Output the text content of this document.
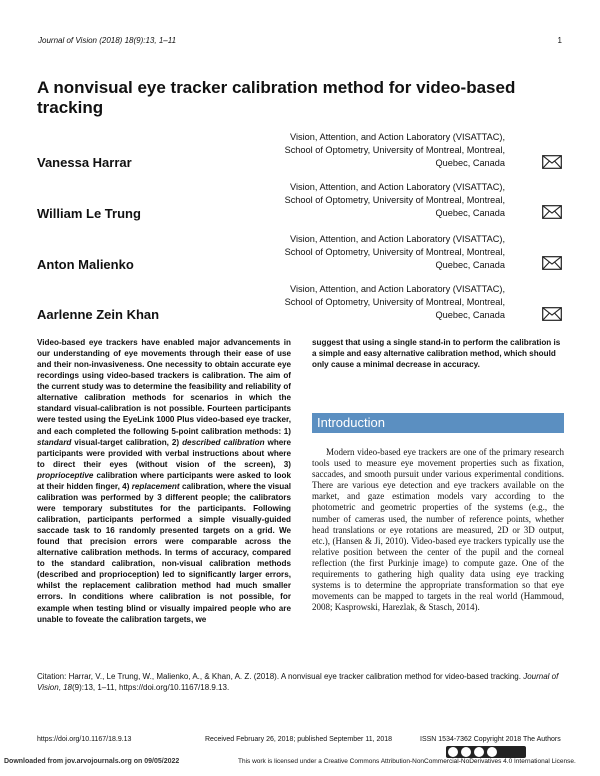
Journal of Vision (2018) 18(9):13, 1–11	1
A nonvisual eye tracker calibration method for video-based tracking
Vanessa Harrar
Vision, Attention, and Action Laboratory (VISATTAC),
School of Optometry, University of Montreal, Montreal,
Quebec, Canada
William Le Trung
Vision, Attention, and Action Laboratory (VISATTAC),
School of Optometry, University of Montreal, Montreal,
Quebec, Canada
Anton Malienko
Vision, Attention, and Action Laboratory (VISATTAC),
School of Optometry, University of Montreal, Montreal,
Quebec, Canada
Aarlenne Zein Khan
Vision, Attention, and Action Laboratory (VISATTAC),
School of Optometry, University of Montreal, Montreal,
Quebec, Canada
Video-based eye trackers have enabled major advancements in our understanding of eye movements through their ease of use and their non-invasiveness. One necessity to obtain accurate eye recordings using video-based trackers is calibration. The aim of the current study was to determine the feasibility and reliability of alternative calibration methods for scenarios in which the standard visual-calibration is not possible. Fourteen participants were tested using the EyeLink 1000 Plus video-based eye tracker, and each completed the following 5-point calibration methods: 1) standard visual-target calibration, 2) described calibration where participants were provided with verbal instructions about where to direct their eyes (without vision of the screen), 3) proprioceptive calibration where participants were asked to look at their hidden finger, 4) replacement calibration, where the visual calibration was performed by 3 different people; the calibrators were temporary substitutes for the participants. Following calibration, participants performed a simple visually-guided saccade task to 16 randomly presented targets on a grid. We found that precision errors were comparable across the alternative calibration methods. In terms of accuracy, compared to the standard calibration, non-visual calibration methods (described and proprioception) led to significantly larger errors, whilst the replacement calibration method had much smaller errors. In conditions where calibration is not possible, for example when testing blind or visually impaired people who are unable to foveate the calibration targets, we
suggest that using a single stand-in to perform the calibration is a simple and easy alternative calibration method, which should only cause a minimal decrease in accuracy.
Introduction

Modern video-based eye trackers are one of the primary research tools used to measure eye movement properties such as fixation, saccades, and smooth pursuit under various experimental conditions. There are various eye detection and eye trackers available on the market, and gaze estimation models vary according to the photometric and geometric properties of the systems (e.g., the number of cameras used, the number of reference points, whether head translations or eye rotations are measured, 2D or 3D output, etc.), (Hansen & Ji, 2010). Video-based eye trackers typically use the relative position between the center of the pupil and the corneal reflection (the first Purkinje image) to compute gaze. One of the requirements to gathering high quality data using eye tracking systems is to determine the appropriate transformation so that eye movements can be mapped to targets in the real world (Hammoud, 2008; Kasprowski, Harezlak, & Stasch, 2014).

Citation: Harrar, V., Le Trung, W., Malienko, A., & Khan, A. Z. (2018). A nonvisual eye tracker calibration method for video-based tracking. Journal of Vision, 18(9):13, 1–11, https://doi.org/10.1167/18.9.13.
https://doi.org/10.1167/18.9.13	Received February 26, 2018; published September 11, 2018	ISSN 1534-7362 Copyright 2018 The Authors
This work is licensed under a Creative Commons Attribution-NonCommercial-NoDerivatives 4.0 International License.
Downloaded from jov.arvojournals.org on 09/05/2022
